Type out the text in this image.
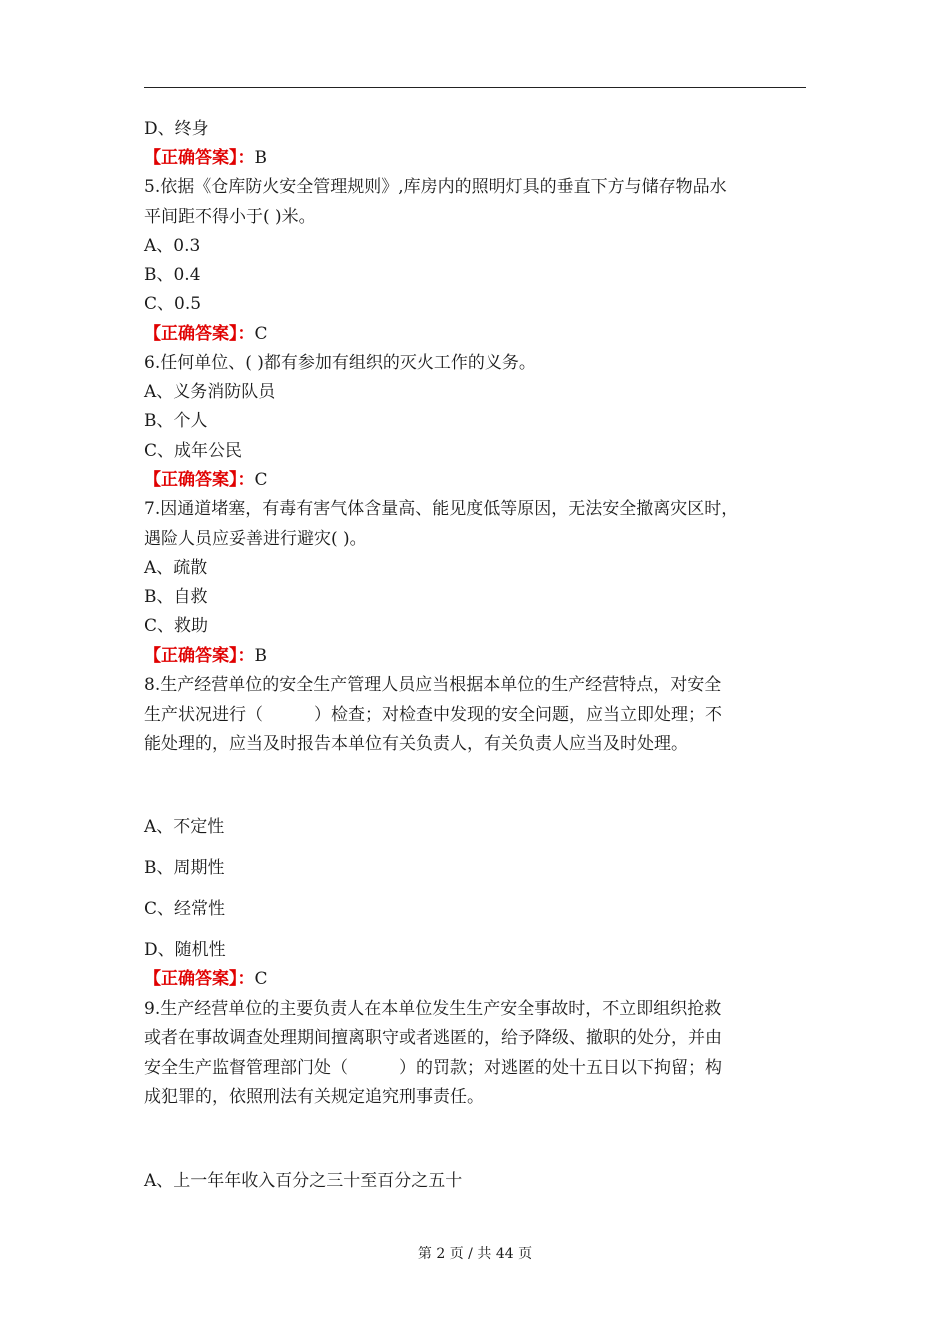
D、终身
【正确答案】：B
5.依据《仓库防火安全管理规则》,库房内的照明灯具的垂直下方与储存物品水
平间距不得小于( )米。
A、0.3
B、0.4
C、0.5
【正确答案】：C
6.任何单位、( )都有参加有组织的灭火工作的义务。
A、义务消防队员
B、个人
C、成年公民
【正确答案】：C
7.因通道堵塞，有毒有害气体含量高、能见度低等原因，无法安全撤离灾区时，
遇险人员应妥善进行避灾( )。
A、疏散
B、自救
C、救助
【正确答案】：B
8.生产经营单位的安全生产管理人员应当根据本单位的生产经营特点，对安全
生产状况进行（　　　）检查；对检查中发现的安全问题，应当立即处理；不
能处理的，应当及时报告本单位有关负责人，有关负责人应当及时处理。
A、不定性
B、周期性
C、经常性
D、随机性
【正确答案】：C
9.生产经营单位的主要负责人在本单位发生生产安全事故时，不立即组织抢救
或者在事故调查处理期间擅离职守或者逃匿的，给予降级、撤职的处分，并由
安全生产监督管理部门处（　　　）的罚款；对逃匿的处十五日以下拘留；构
成犯罪的，依照刑法有关规定追究刑事责任。
A、上一年年收入百分之三十至百分之五十
第 2 页 / 共 44 页
